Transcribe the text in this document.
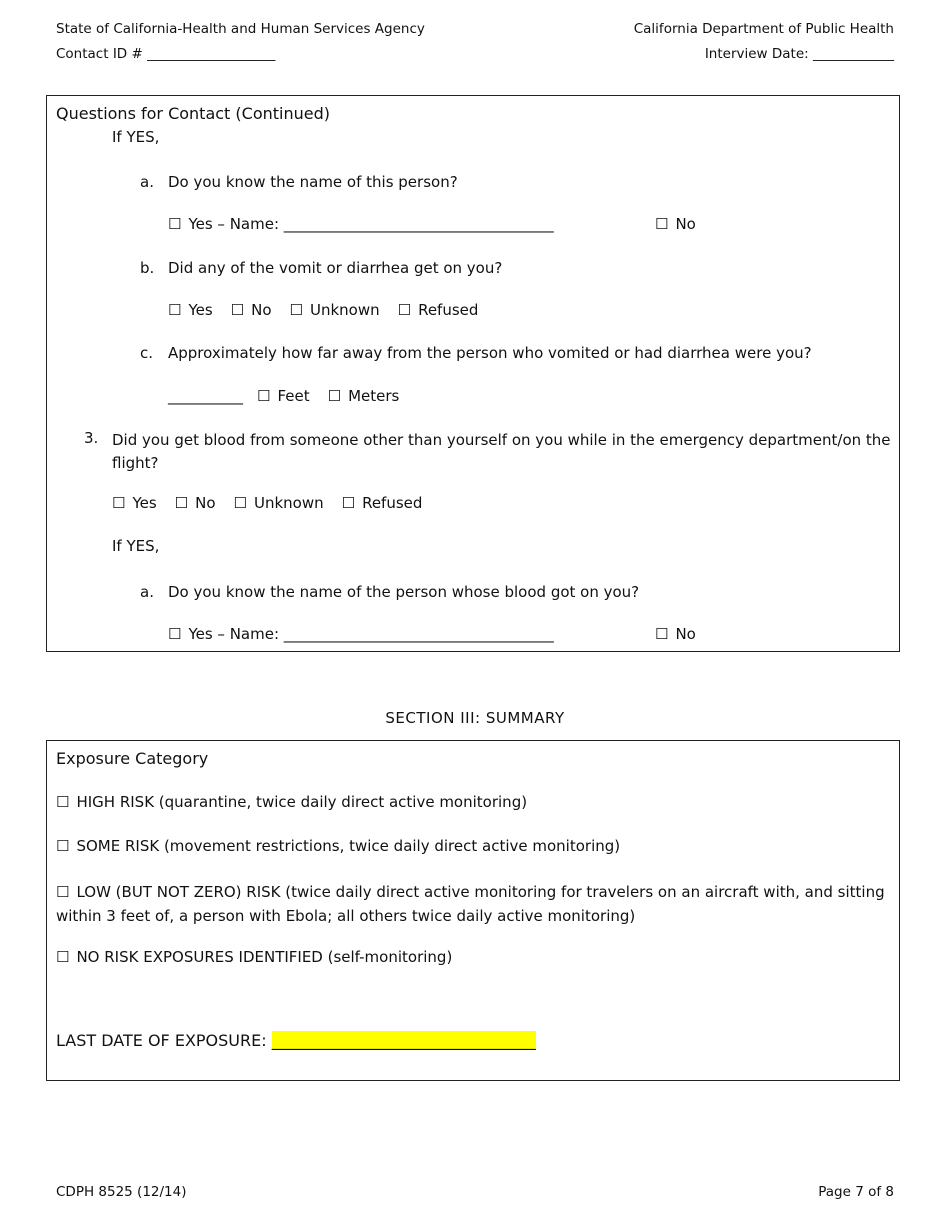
State of California-Health and Human Services Agency	California Department of Public Health
Contact ID # ___________________	Interview Date: ____________
Questions for Contact (Continued)
If YES,
a. Do you know the name of this person?
☐ Yes – Name: ____________________________________	☐ No
b. Did any of the vomit or diarrhea get on you?
☐ Yes ☐ No ☐ Unknown ☐ Refused
c. Approximately how far away from the person who vomited or had diarrhea were you?
__________ ☐ Feet ☐ Meters
3. Did you get blood from someone other than yourself on you while in the emergency department/on the flight?
☐ Yes ☐ No ☐ Unknown ☐ Refused
If YES,
a. Do you know the name of the person whose blood got on you?
☐ Yes – Name: ____________________________________	☐ No
SECTION III: SUMMARY
Exposure Category
☐ HIGH RISK (quarantine, twice daily direct active monitoring)
☐ SOME RISK (movement restrictions, twice daily direct active monitoring)
☐ LOW (BUT NOT ZERO) RISK (twice daily direct active monitoring for travelers on an aircraft with, and sitting within 3 feet of, a person with Ebola; all others twice daily active monitoring)
☐ NO RISK EXPOSURES IDENTIFIED (self-monitoring)
LAST DATE OF EXPOSURE: _________________________________
CDPH 8525 (12/14)	Page 7 of 8
